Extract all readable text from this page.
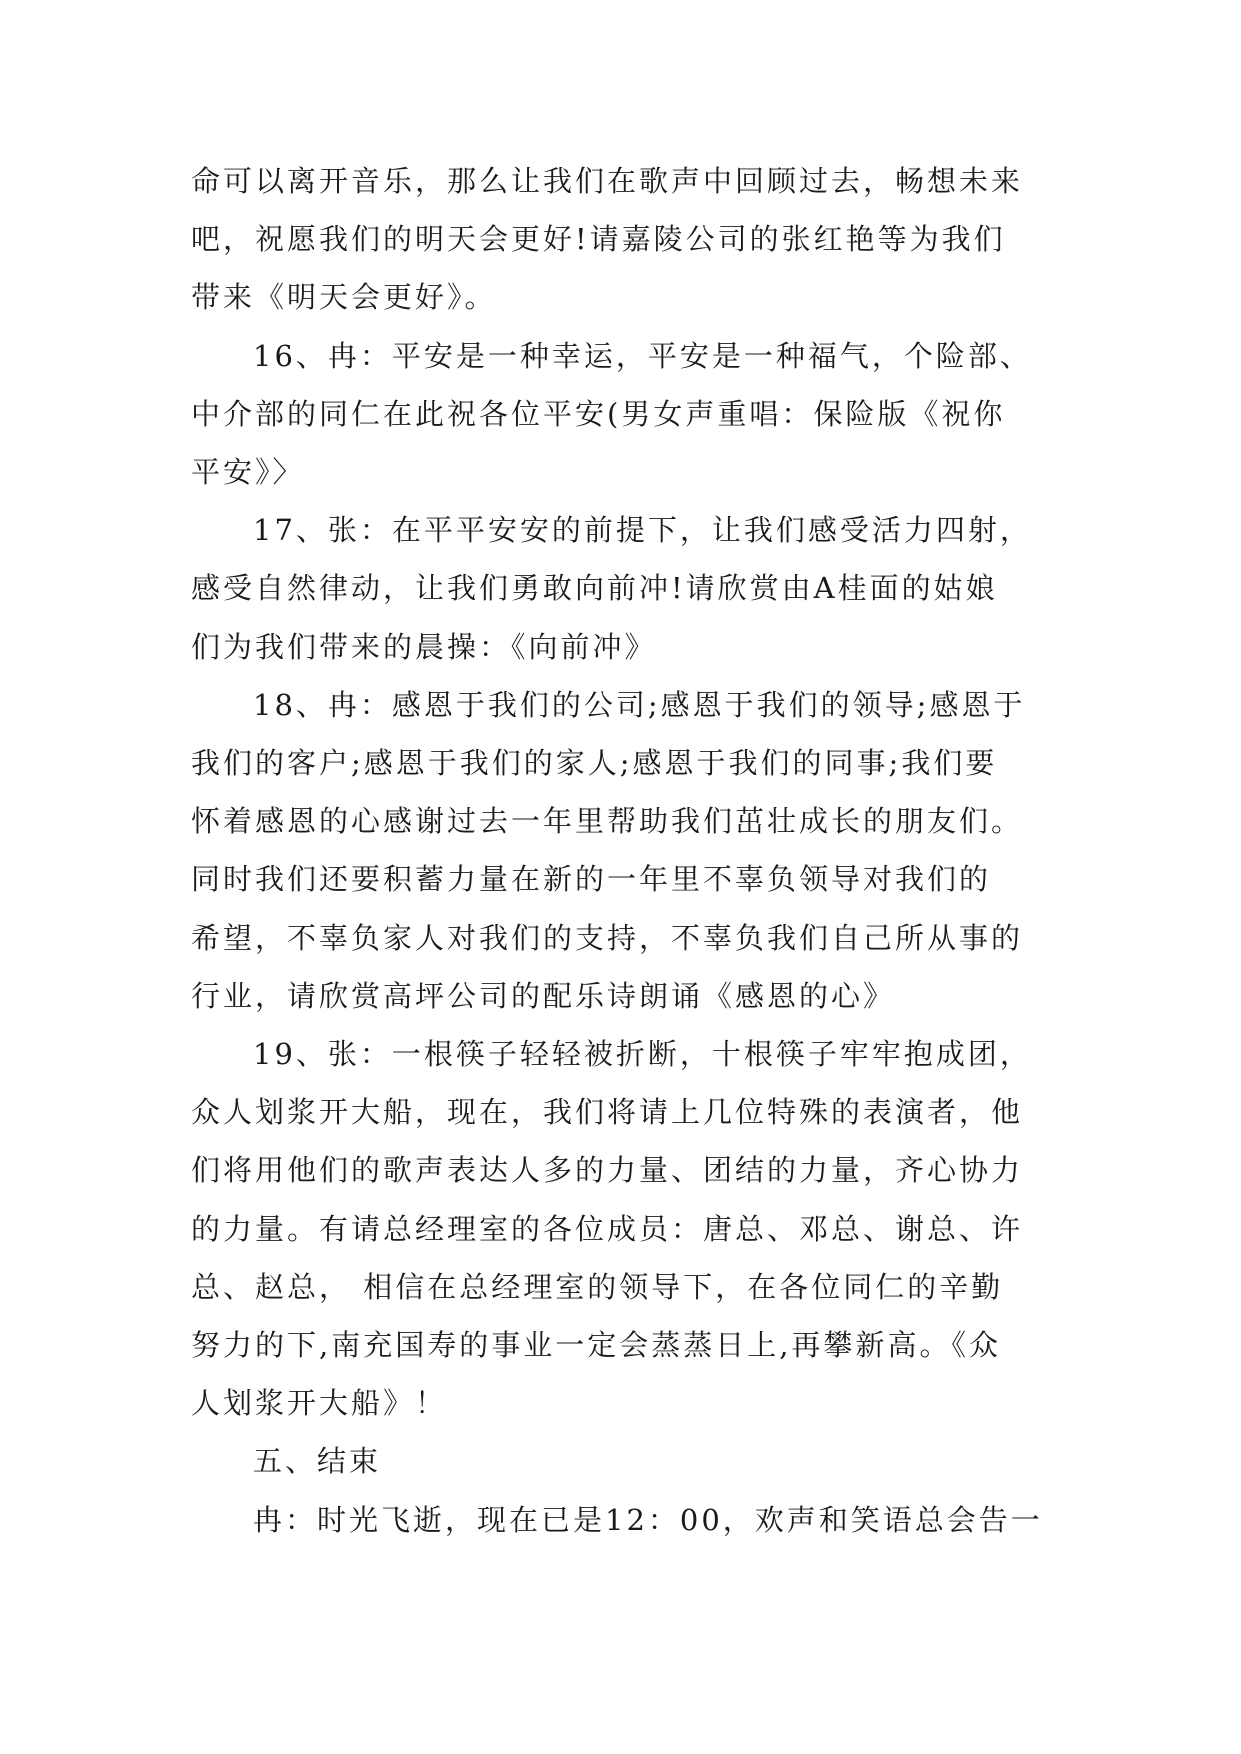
命可以离开音乐，那么让我们在歌声中回顾过去，畅想未来
吧，祝愿我们的明天会更好!请嘉陵公司的张红艳等为我们
带来《明天会更好》。

16、冉：平安是一种幸运，平安是一种福气，个险部、
中介部的同仁在此祝各位平安(男女声重唱：保险版《祝你
平安》〉

17、张：在平平安安的前提下，让我们感受活力四射，
感受自然律动，让我们勇敢向前冲!请欣赏由A桂面的姑娘
们为我们带来的晨操：《向前冲》

18、冉：感恩于我们的公司;感恩于我们的领导;感恩于
我们的客户;感恩于我们的家人;感恩于我们的同事;我们要
怀着感恩的心感谢过去一年里帮助我们茁壮成长的朋友们。
同时我们还要积蓄力量在新的一年里不辜负领导对我们的
希望，不辜负家人对我们的支持，不辜负我们自己所从事的
行业，请欣赏高坪公司的配乐诗朗诵《感恩的心》

19、张：一根筷子轻轻被折断，十根筷子牢牢抱成团，
众人划浆开大船，现在，我们将请上几位特殊的表演者，他
们将用他们的歌声表达人多的力量、团结的力量，齐心协力
的力量。有请总经理室的各位成员：唐总、邓总、谢总、许
总、赵总， 相信在总经理室的领导下，在各位同仁的辛勤
努力的下,南充国寿的事业一定会蒸蒸日上,再攀新高。《众
人划浆开大船》！

五、结束

冉：时光飞逝，现在已是12：00，欢声和笑语总会告一
